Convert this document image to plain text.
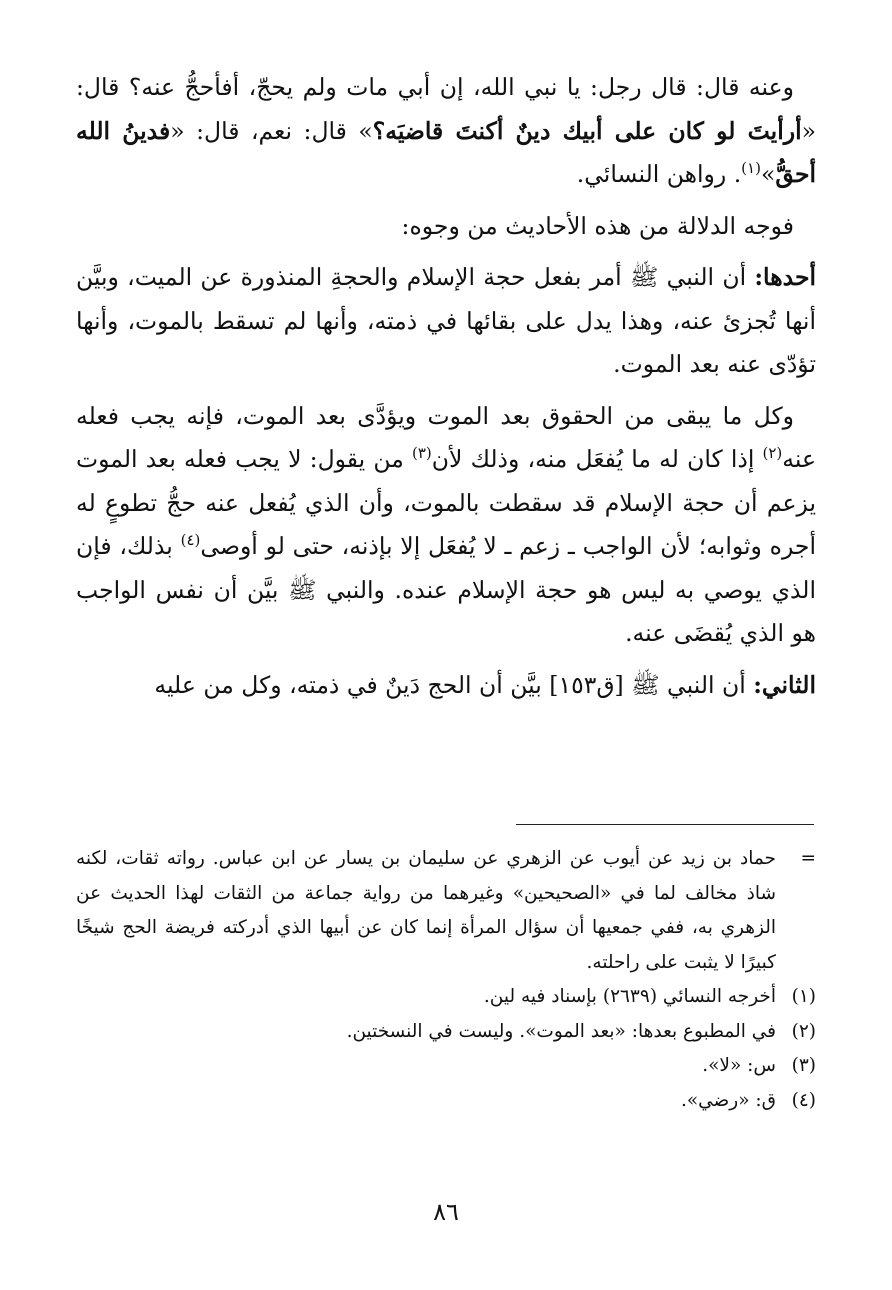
وعنه قال: قال رجل: يا نبي الله، إن أبي مات ولم يحجّ، أفأحجُّ عنه؟ قال: «أرأيتَ لو كان على أبيك دينٌ أكنتَ قاضيَه؟» قال: نعم، قال: «فدينُ الله أحقُّ»$^{(١)}$. رواهن النسائي.

فوجه الدلالة من هذه الأحاديث من وجوه:

أحدها: أن النبي ﷺ أمر بفعل حجة الإسلام والحجةِ المنذورة عن الميت، وبيَّن أنها تُجزئ عنه، وهذا يدل على بقائها في ذمته، وأنها لم تسقط بالموت، وأنها تؤدّى عنه بعد الموت.

وكل ما يبقى من الحقوق بعد الموت ويؤدَّى بعد الموت، فإنه يجب فعله عنه$^{(٢)}$ إذا كان له ما يُفعَل منه، وذلك لأن$^{(٣)}$ من يقول: لا يجب فعله بعد الموت يزعم أن حجة الإسلام قد سقطت بالموت، وأن الذي يُفعل عنه حجُّ تطوعٍ له أجره وثوابه؛ لأن الواجب ـ زعم ـ لا يُفعَل إلا بإذنه، حتى لو أوصى$^{(٤)}$ بذلك، فإن الذي يوصي به ليس هو حجة الإسلام عنده. والنبي ﷺ بيَّن أن نفس الواجب هو الذي يُقضَى عنه.

الثاني: أن النبي ﷺ [ق١٥٣] بيَّن أن الحج دَينٌ في ذمته، وكل من عليه

=
حماد بن زيد عن أيوب عن الزهري عن سليمان بن يسار عن ابن عباس. رواته ثقات، لكنه شاذ مخالف لما في «الصحيحين» وغيرهما من رواية جماعة من الثقات لهذا الحديث عن الزهري به، ففي جمعيها أن سؤال المرأة إنما كان عن أبيها الذي أدركته فريضة الحج شيخًا كبيرًا لا يثبت على راحلته.
(١)
أخرجه النسائي (٢٦٣٩) بإسناد فيه لين.
(٢)
في المطبوع بعدها: «بعد الموت». وليست في النسختين.
(٣)
س: «لا».
(٤)
ق: «رضي».
٨٦
